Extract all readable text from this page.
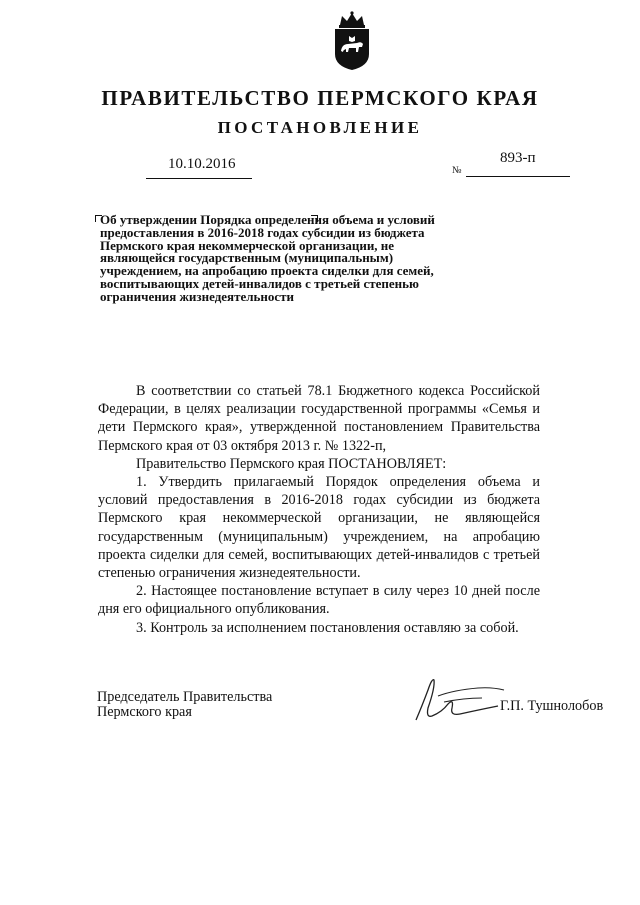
ПРАВИТЕЛЬСТВО ПЕРМСКОГО КРАЯ
ПОСТАНОВЛЕНИЕ
10.10.2016	№
893-п
Об утверждении Порядка определения объема и условий предоставления в 2016-2018 годах субсидии из бюджета Пермского края некоммерческой организации, не являющейся государственным (муниципальным) учреждением, на апробацию проекта сиделки для семей, воспитывающих детей-инвалидов с третьей степенью ограничения жизнедеятельности

В соответствии со статьей 78.1 Бюджетного кодекса Российской Федерации, в целях реализации государственной программы «Семья и дети Пермского края», утвержденной постановлением Правительства Пермского края от 03 октября 2013 г. № 1322-п,

Правительство Пермского края ПОСТАНОВЛЯЕТ:

1. Утвердить прилагаемый Порядок определения объема и условий предоставления в 2016-2018 годах субсидии из бюджета Пермского края некоммерческой организации, не являющейся государственным (муниципальным) учреждением, на апробацию проекта сиделки для семей, воспитывающих детей-инвалидов с третьей степенью ограничения жизнедеятельности.

2. Настоящее постановление вступает в силу через 10 дней после дня его официального опубликования.

3. Контроль за исполнением постановления оставляю за собой.

Председатель Правительства
Пермского края	Г.П. Тушнолобов
